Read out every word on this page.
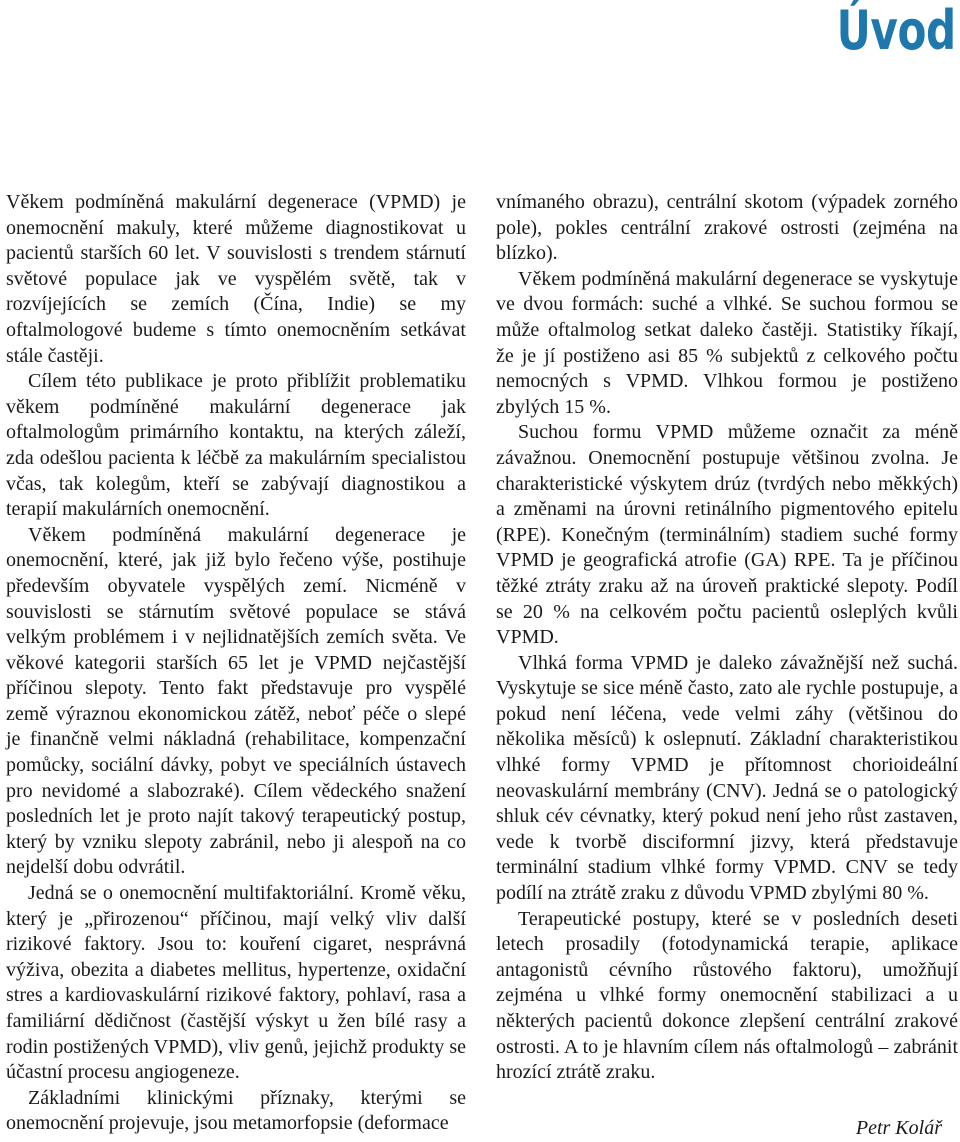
Úvod

Věkem podmíněná makulární degenerace (VPMD) je onemocnění makuly, které můžeme diagnostikovat u pacientů starších 60 let. V souvislosti s trendem stárnutí světové populace jak ve vyspělém světě, tak v rozvíjejících se zemích (Čína, Indie) se my oftalmologové budeme s tímto onemocněním setkávat stále častěji.

Cílem této publikace je proto přiblížit problematiku věkem podmíněné makulární degenerace jak oftalmologům primárního kontaktu, na kterých záleží, zda odešlou pacienta k léčbě za makulárním specialistou včas, tak kolegům, kteří se zabývají diagnostikou a terapií makulárních onemocnění.

Věkem podmíněná makulární degenerace je onemocnění, které, jak již bylo řečeno výše, postihuje především obyvatele vyspělých zemí. Nicméně v souvislosti se stárnutím světové populace se stává velkým problémem i v nejlidnatějších zemích světa. Ve věkové kategorii starších 65 let je VPMD nejčastější příčinou slepoty. Tento fakt představuje pro vyspělé země výraznou ekonomickou zátěž, neboť péče o slepé je finančně velmi nákladná (rehabilitace, kompenzační pomůcky, sociální dávky, pobyt ve speciálních ústavech pro nevidomé a slabozraké). Cílem vědeckého snažení posledních let je proto najít takový terapeutický postup, který by vzniku slepoty zabránil, nebo ji alespoň na co nejdelší dobu odvrátil.

Jedná se o onemocnění multifaktoriální. Kromě věku, který je „přirozenou“ příčinou, mají velký vliv další rizikové faktory. Jsou to: kouření cigaret, nesprávná výživa, obezita a diabetes mellitus, hypertenze, oxidační stres a kardiovaskulární rizikové faktory, pohlaví, rasa a familiární dědičnost (častější výskyt u žen bílé rasy a rodin postižených VPMD), vliv genů, jejichž produkty se účastní procesu angiogeneze.

Základními klinickými příznaky, kterými se onemocnění projevuje, jsou metamorfopsie (deformace

vnímaného obrazu), centrální skotom (výpadek zorného pole), pokles centrální zrakové ostrosti (zejména na blízko).

Věkem podmíněná makulární degenerace se vyskytuje ve dvou formách: suché a vlhké. Se suchou formou se může oftalmolog setkat daleko častěji. Statistiky říkají, že je jí postiženo asi 85 % subjektů z celkového počtu nemocných s VPMD. Vlhkou formou je postiženo zbylých 15 %.

Suchou formu VPMD můžeme označit za méně závažnou. Onemocnění postupuje většinou zvolna. Je charakteristické výskytem drúz (tvrdých nebo měkkých) a změnami na úrovni retinálního pigmentového epitelu (RPE). Konečným (terminálním) stadiem suché formy VPMD je geografická atrofie (GA) RPE. Ta je příčinou těžké ztráty zraku až na úroveň praktické slepoty. Podíl se 20 % na celkovém počtu pacientů osleplých kvůli VPMD.

Vlhká forma VPMD je daleko závažnější než suchá. Vyskytuje se sice méně často, zato ale rychle postupuje, a pokud není léčena, vede velmi záhy (většinou do několika měsíců) k oslepnutí. Základní charakteristikou vlhké formy VPMD je přítomnost chorioideální neovaskulární membrány (CNV). Jedná se o patologický shluk cév cévnatky, který pokud není jeho růst zastaven, vede k tvorbě disciformní jizvy, která představuje terminální stadium vlhké formy VPMD. CNV se tedy podílí na ztrátě zraku z důvodu VPMD zbylými 80 %.

Terapeutické postupy, které se v posledních deseti letech prosadily (fotodynamická terapie, aplikace antagonistů cévního růstového faktoru), umožňují zejména u vlhké formy onemocnění stabilizaci a u některých pacientů dokonce zlepšení centrální zrakové ostrosti. A to je hlavním cílem nás oftalmologů – zabránit hrozící ztrátě zraku.

Petr Kolář
